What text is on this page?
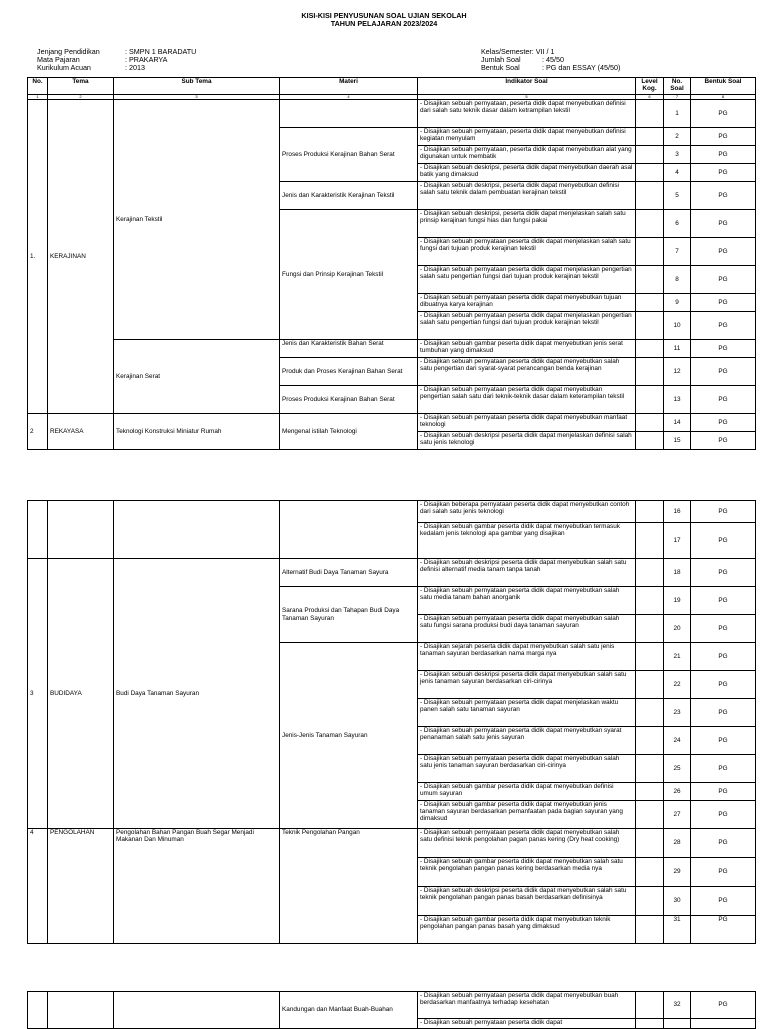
KISI-KISI PENYUSUNAN SOAL UJIAN SEKOLAH
TAHUN PELAJARAN 2023/2024

Jenjang Pendidikan	: SMPN 1 BARADATU

Mata Pajaran	: PRAKARYA

Kurikulum Acuan	: 2013

Kelas/Semester: VII / 1

Jumlah Soal	: 45/50

Bentuk Soal	: PG dan ESSAY (45/50)

No.	Tema	Sub Tema	Materi	Indikator Soal	Level Kog.	No. Soal	Bentuk Soal
1	2	3	4	5	6	7	8
1.	KERAJINAN	Kerajinan Tekstil		- Disajikan sebuah pernyataan, peserta didik dapat menyebutkan definisi dari salah satu teknik dasar dalam ketrampilan tekstil		1	PG
			Proses Produksi Kerajinan Bahan Serat	- Disajikan sebuah pernyataan, peserta didik dapat menyebutkan definisi kegiatan menyulam		2	PG
				- Disajikan sebuah pernyataan, peserta didik dapat menyebutkan alat yang digunakan untuk membatik		3	PG
				- Disajikan sebuah deskripsi, peserta didik dapat menyebutkan daerah asal batik yang dimaksud		4	PG
			Jenis dan Karakteristik Kerajinan Tekstil	- Disajikan sebuah deskripsi, peserta didik dapat menyebutkan definisi salah satu teknik dalam pembuatan kerajinan tekstil		5	PG
			Fungsi dan Prinsip Kerajinan Tekstil	- Disajikan sebuah deskripsi, peserta didik dapat menjelaskan salah satu prinsip kerajinan fungsi hias dan fungsi pakai		6	PG
				- Disajikan sebuah pernyataan peserta didik dapat menjelaskan salah satu fungsi dari tujuan produk kerajinan tekstil		7	PG
				- Disajikan sebuah pernyataan peserta didik dapat menjelaskan pengertian salah satu pengertian fungsi dari tujuan produk kerajinan tekstil		8	PG
				- Disajikan sebuah pernyataan peserta didik dapat menyebutkan tujuan dibuatnya karya kerajinan		9	PG
				- Disajikan sebuah pernyataan peserta didik dapat menjelaskan pengertian salah satu pengertian fungsi dari tujuan produk kerajinan tekstil		10	PG
		Kerajinan Serat	Jenis dan Karakteristik Bahan Serat	- Disajikan sebuah gambar peserta didik dapat menyebutkan jenis serat tumbuhan yang dimaksud		11	PG
			Produk dan Proses Kerajinan Bahan Serat	- Disajikan sebuah pernyataan peserta didik dapat menyebutkan salah satu pengertian dari syarat-syarat perancangan benda kerajinan		12	PG
			Proses Produksi Kerajinan Bahan Serat	- Disajikan sebuah pernyataan peserta didik dapat menyebutkan pengertian salah satu dari teknik-teknik dasar dalam keterampilan tekstil		13	PG
2	REKAYASA	Teknologi Konstruksi Miniatur Rumah	Mengenal istilah Teknologi	- Disajikan sebuah pernyataan peserta didik dapat menyebutkan manfaat teknologi		14	PG
				- Disajikan sebuah deskripsi peserta didik dapat menjelaskan definisi salah satu jenis teknologi		15	PG
				- Disajikan beberapa pernyataan peserta didik dapat menyebutkan contoh dari salah satu jenis teknologi		16	PG
				- Disajikan sebuah gambar peserta didik dapat menyebutkan termasuk kedalam jenis teknologi apa gambar yang disajikan		17	PG
3	BUDIDAYA	Budi Daya Tanaman Sayuran	Alternatif Budi Daya Tanaman Sayura	- Disajikan sebuah deskripsi peserta didik dapat menyebutkan salah satu definisi alternatif media tanam tanpa tanah		18	PG
			Sarana Produksi dan Tahapan Budi Daya Tanaman Sayuran	- Disajikan sebuah pernyataan peserta didik dapat menyebutkan salah satu media tanam bahan anorganik		19	PG
				- Disajikan sebuah pernyataan peserta didik dapat menyebutkan salah satu fungsi sarana produksi budi daya tanaman sayuran		20	PG
			Jenis-Jenis Tanaman Sayuran	- Disajikan sejarah peserta didik dapat menyebutkan salah satu jenis tanaman sayuran berdasarkan nama marga nya		21	PG
				- Disajikan sebuah deskripsi peserta didik dapat menyebutkan salah satu jenis tanaman sayuran berdasarkan ciri-cirinya		22	PG
				- Disajikan sebuah pernyataan peserta didik dapat menjelaskan waktu panen salah satu tanaman sayuran		23	PG
				- Disajikan sebuah pernyataan peserta didik dapat menyebutkan syarat penanaman salah satu jenis sayuran		24	PG
				- Disajikan sebuah pernyataan peserta didik dapat menyebutkan salah satu jenis tanaman sayuran berdasarkan ciri-cirinya		25	PG
				- Disajikan sebuah gambar peserta didik dapat menyebutkan definisi umum sayuran		26	PG
				- Disajikan sebuah gambar peserta didik dapat menyebutkan jenis tanaman sayuran berdasarkan pemanfaatan pada bagian sayuran yang dimaksud		27	PG
4	PENGOLAHAN	Pengolahan Bahan Pangan Buah Segar Menjadi Makanan Dan Minuman	Teknik Pengolahan Pangan	- Disajikan sebuah pernyataan peserta didik dapat menyebutkan salah satu definisi teknik pengolahan pagan panas kering (Dry heat cooking)		28	PG
				- Disajikan sebuah gambar peserta didik dapat menyebutkan salah satu teknik pengolahan pangan panas kering berdasarkan media nya		29	PG
				- Disajikan sebuah deskripsi peserta didik dapat menyebutkan salah satu teknik pengolahan pangan panas basah berdasarkan definisinya		30	PG
				- Disajikan sebuah gambar peserta didik dapat menyebutkan teknik pengolahan pangan panas basah yang dimaksud		31	PG
			Kandungan dan Manfaat Buah-Buahan	- Disajikan sebuah pernyataan peserta didik dapat menyebutkan buah berdasarkan manfaatnya terhadap kesehatan		32	PG
				- Disajikan sebuah pernyataan peserta didik dapat			
